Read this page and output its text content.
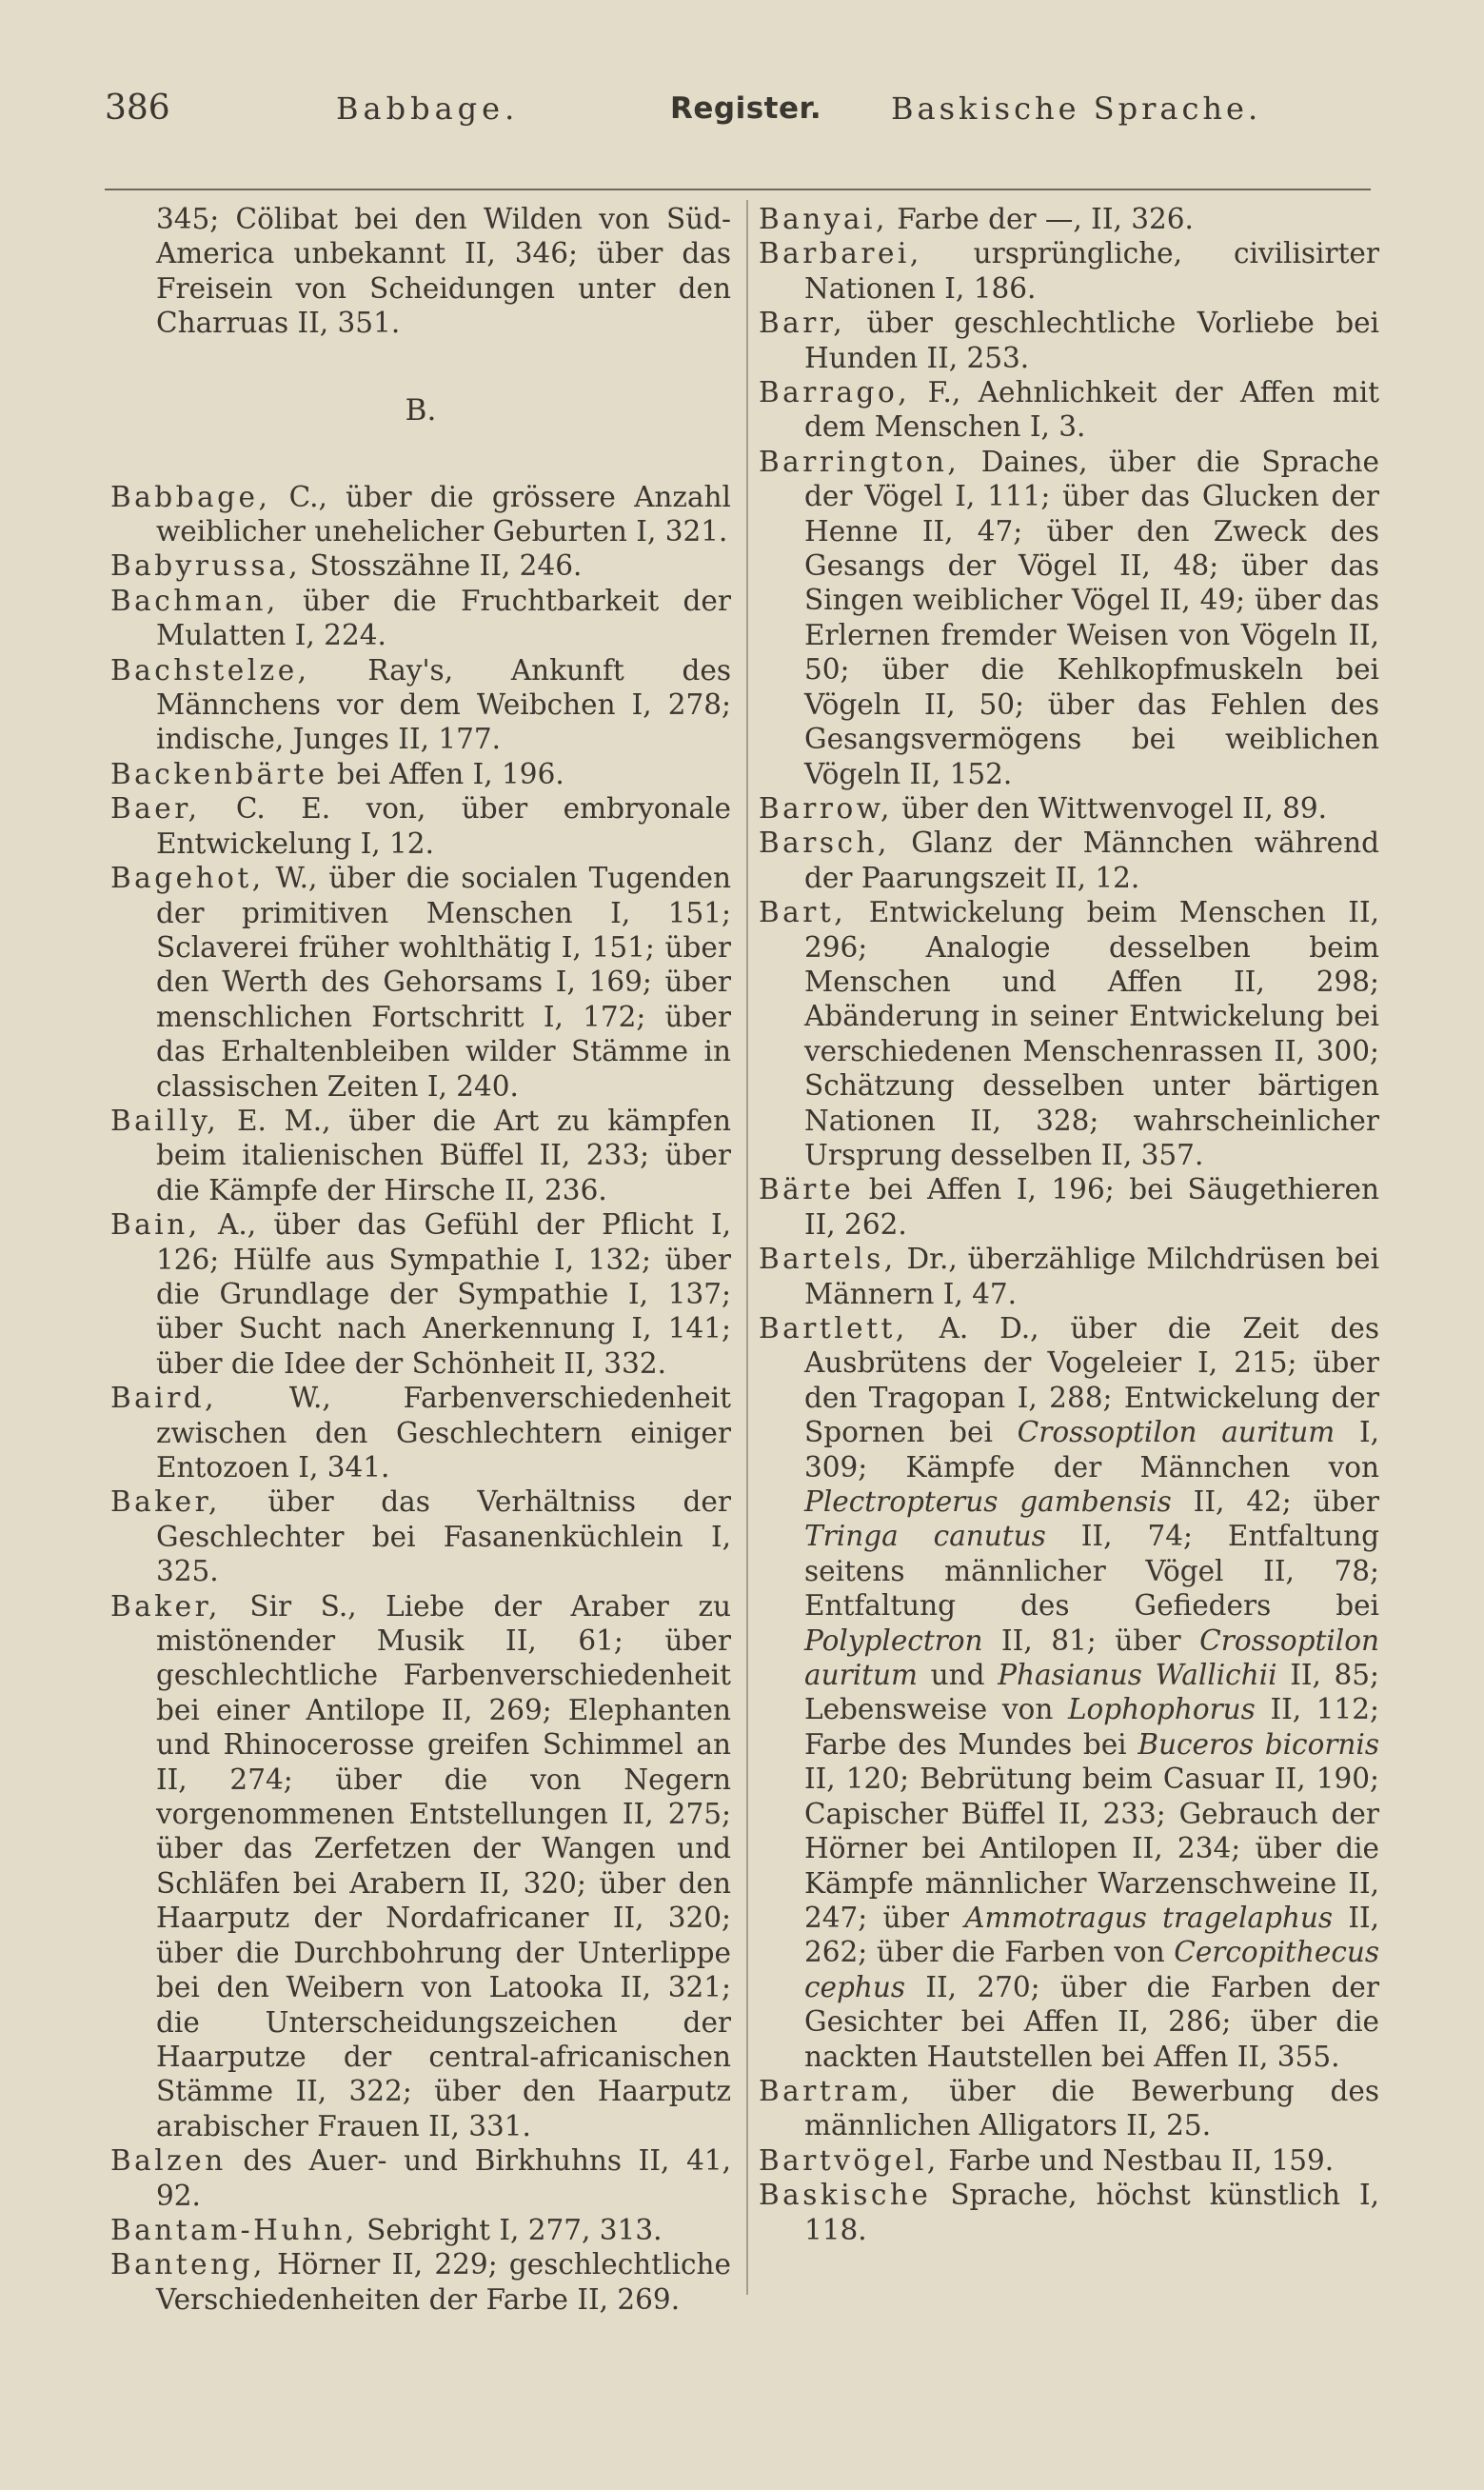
386	Babbage.	Register. Baskische Sprache.

345; Cölibat bei den Wilden von Süd-America unbekannt II, 346; über das Freisein von Scheidungen unter den Charruas II, 351.

B.

Babbage, C., über die grössere Anzahl weiblicher unehelicher Geburten I, 321.

Babyrussa, Stosszähne II, 246.

Bachman, über die Fruchtbarkeit der Mulatten I, 224.

Bachstelze, Ray's, Ankunft des Männchens vor dem Weibchen I, 278; indische, Junges II, 177.

Backenbärte bei Affen I, 196.

Baer, C. E. von, über embryonale Entwickelung I, 12.

Bagehot, W., über die socialen Tugenden der primitiven Menschen I, 151; Sclaverei früher wohlthätig I, 151; über den Werth des Gehorsams I, 169; über menschlichen Fortschritt I, 172; über das Erhaltenbleiben wilder Stämme in classischen Zeiten I, 240.

Bailly, E. M., über die Art zu kämpfen beim italienischen Büffel II, 233; über die Kämpfe der Hirsche II, 236.

Bain, A., über das Gefühl der Pflicht I, 126; Hülfe aus Sympathie I, 132; über die Grundlage der Sympathie I, 137; über Sucht nach Anerkennung I, 141; über die Idee der Schönheit II, 332.

Baird, W., Farbenverschiedenheit zwischen den Geschlechtern einiger Entozoen I, 341.

Baker, über das Verhältniss der Geschlechter bei Fasanenküchlein I, 325.

Baker, Sir S., Liebe der Araber zu mistönender Musik II, 61; über geschlechtliche Farbenverschiedenheit bei einer Antilope II, 269; Elephanten und Rhinocerosse greifen Schimmel an II, 274; über die von Negern vorgenommenen Entstellungen II, 275; über das Zerfetzen der Wangen und Schläfen bei Arabern II, 320; über den Haarputz der Nordafricaner II, 320; über die Durchbohrung der Unterlippe bei den Weibern von Latooka II, 321; die Unterscheidungszeichen der Haarputze der central-africanischen Stämme II, 322; über den Haarputz arabischer Frauen II, 331.

Balzen des Auer- und Birkhuhns II, 41, 92.

Bantam-Huhn, Sebright I, 277, 313.

Banteng, Hörner II, 229; geschlechtliche Verschiedenheiten der Farbe II, 269.

Banyai, Farbe der —, II, 326.

Barbarei, ursprüngliche, civilisirter Nationen I, 186.

Barr, über geschlechtliche Vorliebe bei Hunden II, 253.

Barrago, F., Aehnlichkeit der Affen mit dem Menschen I, 3.

Barrington, Daines, über die Sprache der Vögel I, 111; über das Glucken der Henne II, 47; über den Zweck des Gesangs der Vögel II, 48; über das Singen weiblicher Vögel II, 49; über das Erlernen fremder Weisen von Vögeln II, 50; über die Kehlkopfmuskeln bei Vögeln II, 50; über das Fehlen des Gesangsvermögens bei weiblichen Vögeln II, 152.

Barrow, über den Wittwenvogel II, 89.

Barsch, Glanz der Männchen während der Paarungszeit II, 12.

Bart, Entwickelung beim Menschen II, 296; Analogie desselben beim Menschen und Affen II, 298; Abänderung in seiner Entwickelung bei verschiedenen Menschenrassen II, 300; Schätzung desselben unter bärtigen Nationen II, 328; wahrscheinlicher Ursprung desselben II, 357.

Bärte bei Affen I, 196; bei Säugethieren II, 262.

Bartels, Dr., überzählige Milchdrüsen bei Männern I, 47.

Bartlett, A. D., über die Zeit des Ausbrütens der Vogeleier I, 215; über den Tragopan I, 288; Entwickelung der Spornen bei Crossoptilon auritum I, 309; Kämpfe der Männchen von Plectropterus gambensis II, 42; über Tringa canutus II, 74; Entfaltung seitens männlicher Vögel II, 78; Entfaltung des Gefieders bei Polyplectron II, 81; über Crossoptilon auritum und Phasianus Wallichii II, 85; Lebensweise von Lophophorus II, 112; Farbe des Mundes bei Buceros bicornis II, 120; Bebrütung beim Casuar II, 190; Capischer Büffel II, 233; Gebrauch der Hörner bei Antilopen II, 234; über die Kämpfe männlicher Warzenschweine II, 247; über Ammotragus tragelaphus II, 262; über die Farben von Cercopithecus cephus II, 270; über die Farben der Gesichter bei Affen II, 286; über die nackten Hautstellen bei Affen II, 355.

Bartram, über die Bewerbung des männlichen Alligators II, 25.

Bartvögel, Farbe und Nestbau II, 159.

Baskische Sprache, höchst künstlich I, 118.
